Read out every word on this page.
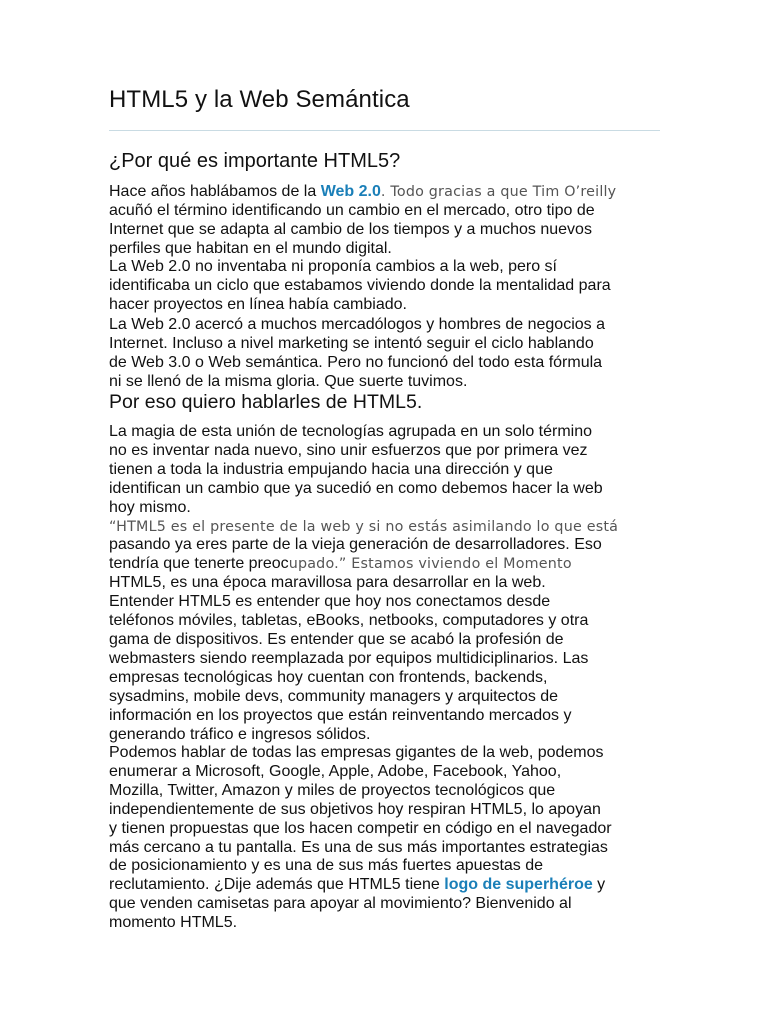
HTML5 y la Web Semántica
¿Por qué es importante HTML5?

Hace años hablábamos de la Web 2.0. Todo gracias a que Tim O’reilly
acuñó el término identificando un cambio en el mercado, otro tipo de
Internet que se adapta al cambio de los tiempos y a muchos nuevos
perfiles que habitan en el mundo digital.

La Web 2.0 no inventaba ni proponía cambios a la web, pero sí
identificaba un ciclo que estabamos viviendo donde la mentalidad para
hacer proyectos en línea había cambiado.

La Web 2.0 acercó a muchos mercadólogos y hombres de negocios a
Internet. Incluso a nivel marketing se intentó seguir el ciclo hablando
de Web 3.0 o Web semántica. Pero no funcionó del todo esta fórmula
ni se llenó de la misma gloria. Que suerte tuvimos.

Por eso quiero hablarles de HTML5.

La magia de esta unión de tecnologías agrupada en un solo término
no es inventar nada nuevo, sino unir esfuerzos que por primera vez
tienen a toda la industria empujando hacia una dirección y que
identifican un cambio que ya sucedió en como debemos hacer la web
hoy mismo.
“HTML5 es el presente de la web y si no estás asimilando lo que está
pasando ya eres parte de la vieja generación de desarrolladores. Eso
tendría que tenerte preocupado.” Estamos viviendo el Momento
HTML5, es una época maravillosa para desarrollar en la web.
Entender HTML5 es entender que hoy nos conectamos desde
teléfonos móviles, tabletas, eBooks, netbooks, computadores y otra
gama de dispositivos. Es entender que se acabó la profesión de
webmasters siendo reemplazada por equipos multidiciplinarios. Las
empresas tecnológicas hoy cuentan con frontends, backends,
sysadmins, mobile devs, community managers y arquitectos de
información en los proyectos que están reinventando mercados y
generando tráfico e ingresos sólidos.

Podemos hablar de todas las empresas gigantes de la web, podemos
enumerar a Microsoft, Google, Apple, Adobe, Facebook, Yahoo,
Mozilla, Twitter, Amazon y miles de proyectos tecnológicos que
independientemente de sus objetivos hoy respiran HTML5, lo apoyan
y tienen propuestas que los hacen competir en código en el navegador
más cercano a tu pantalla. Es una de sus más importantes estrategias
de posicionamiento y es una de sus más fuertes apuestas de
reclutamiento. ¿Dije además que HTML5 tiene logo de superhéroe y
que venden camisetas para apoyar al movimiento? Bienvenido al
momento HTML5.
